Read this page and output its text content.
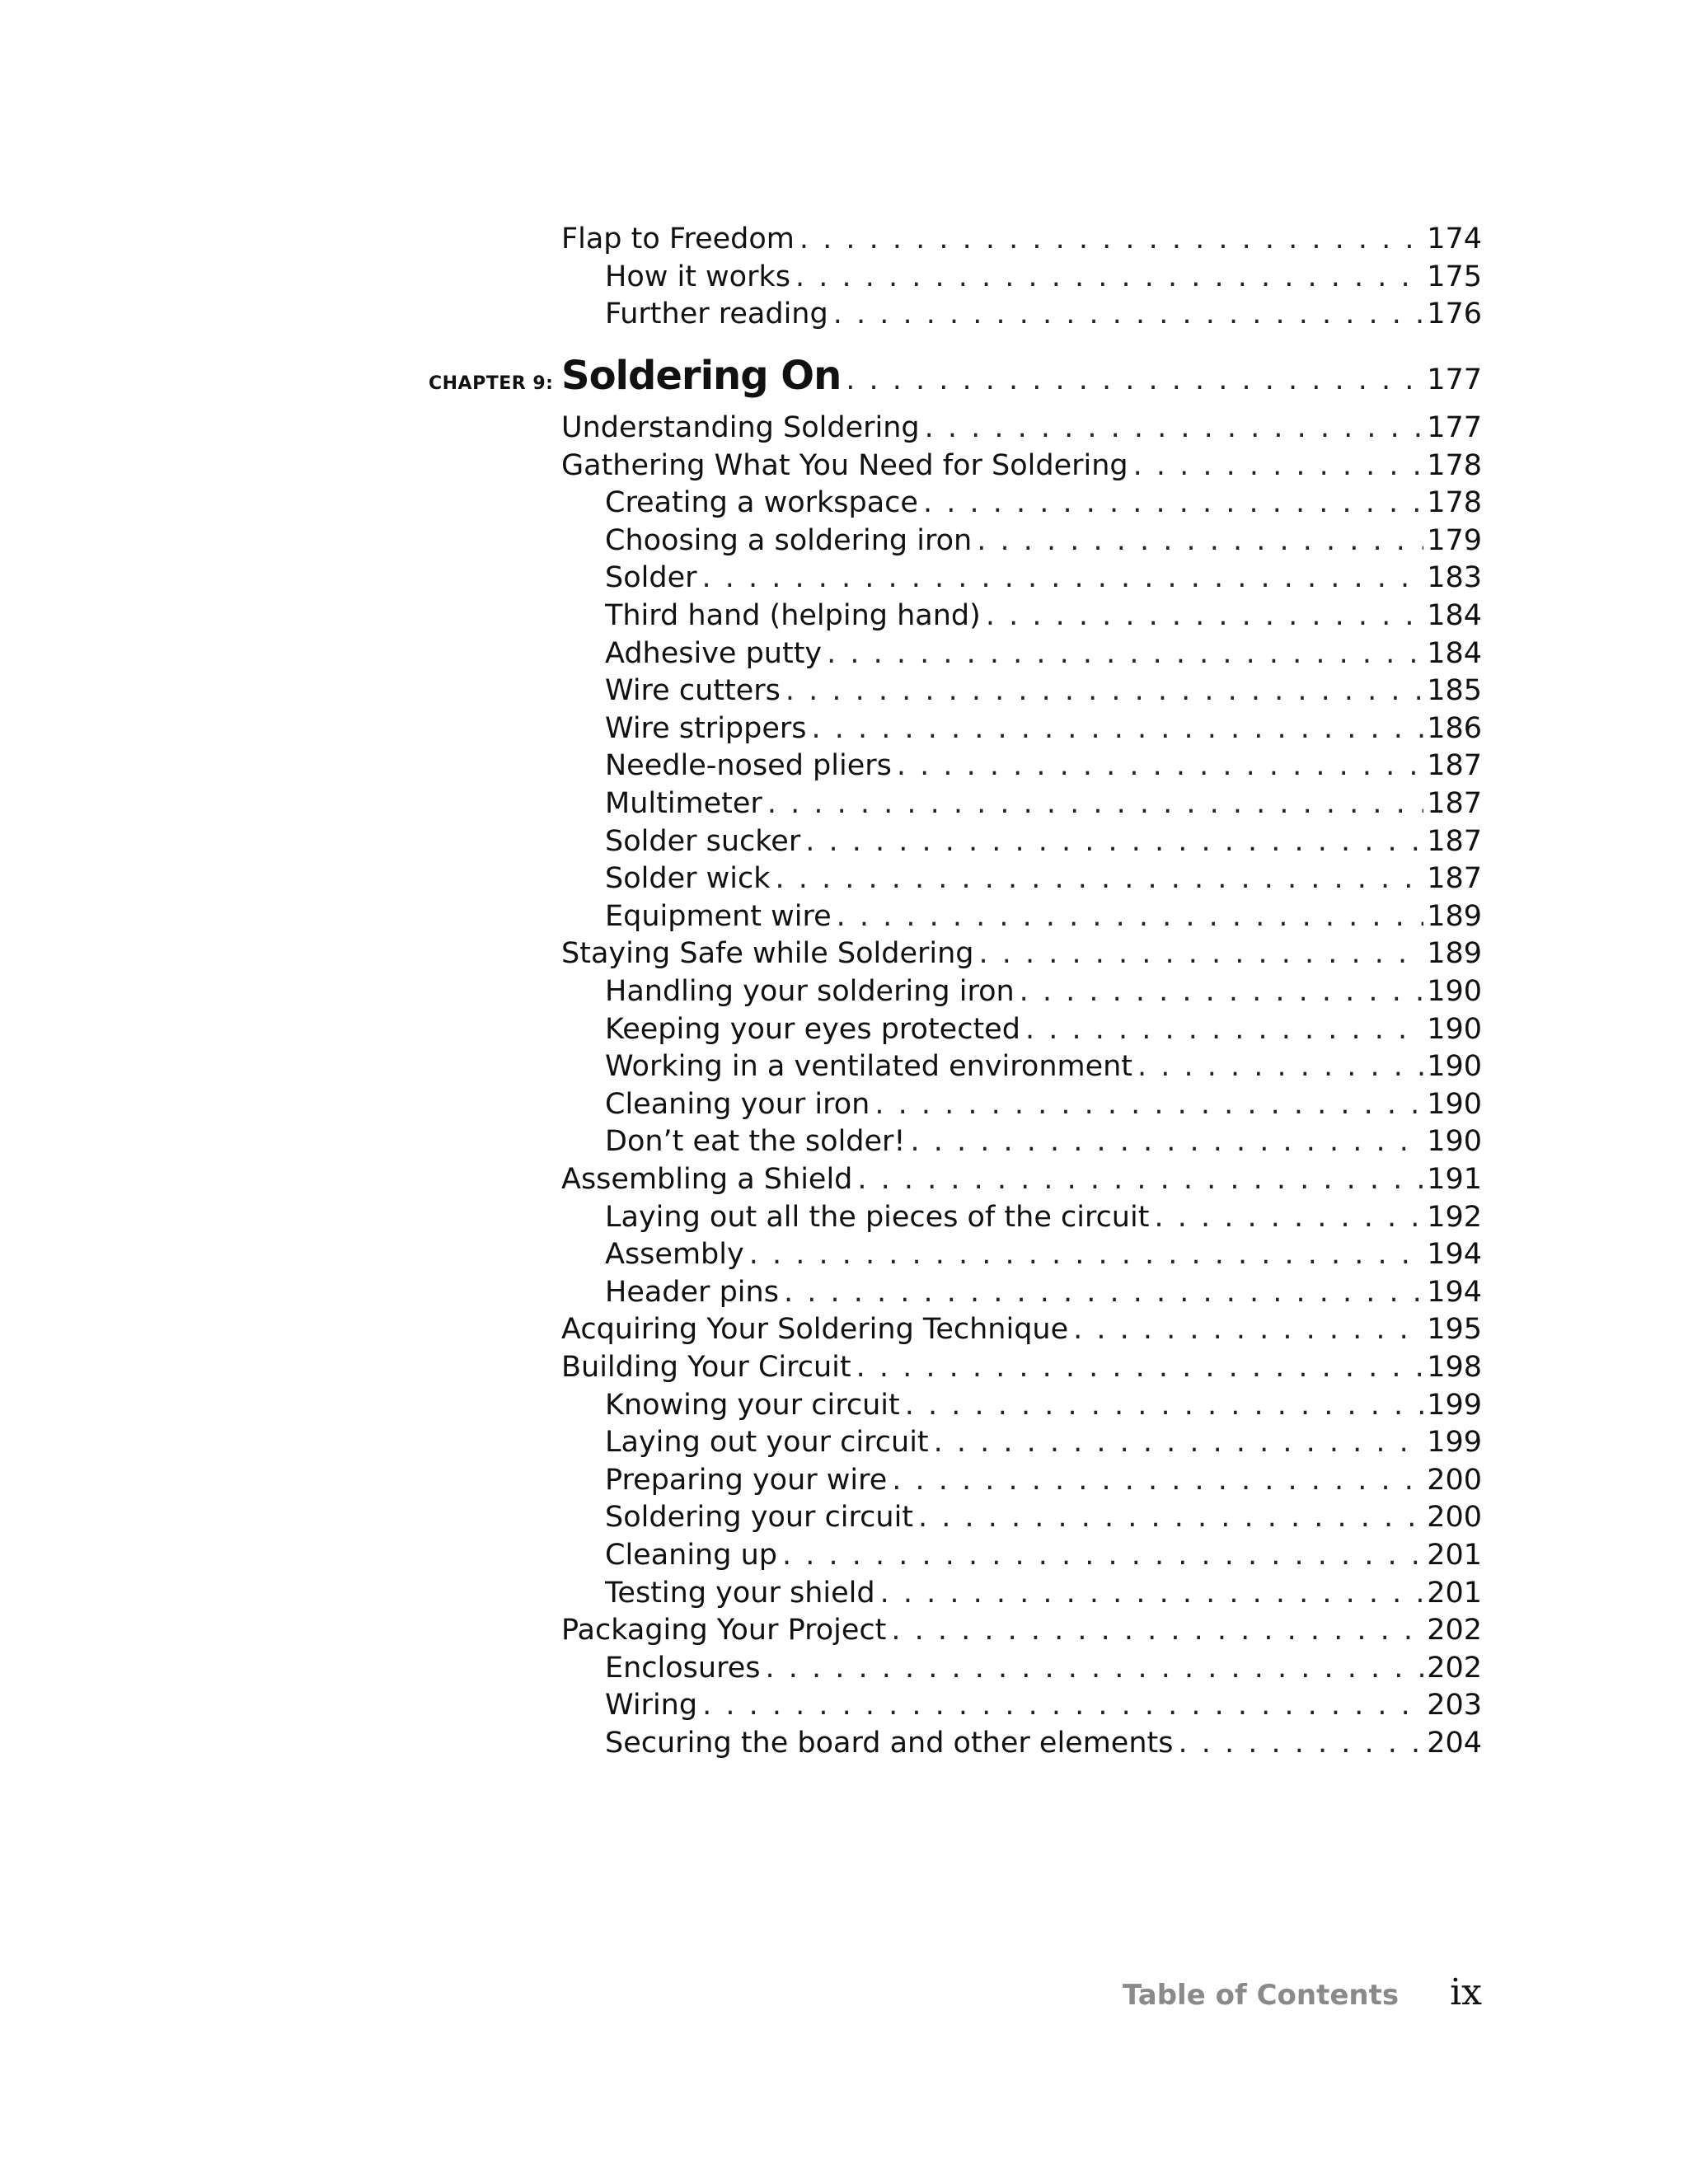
Flap to Freedom . . .	174
How it works . . .	175
Further reading . . .	176
CHAPTER 9: Soldering On . . .	177
Understanding Soldering . . .	177
Gathering What You Need for Soldering . . .	178
Creating a workspace . . .	178
Choosing a soldering iron . . .	179
Solder . . .	183
Third hand (helping hand) . . .	184
Adhesive putty . . .	184
Wire cutters . . .	185
Wire strippers . . .	186
Needle-nosed pliers . . .	187
Multimeter . . .	187
Solder sucker . . .	187
Solder wick . . .	187
Equipment wire . . .	189
Staying Safe while Soldering . . .	189
Handling your soldering iron . . .	190
Keeping your eyes protected . . .	190
Working in a ventilated environment . . .	190
Cleaning your iron . . .	190
Don’t eat the solder! . . .	190
Assembling a Shield . . .	191
Laying out all the pieces of the circuit . . .	192
Assembly . . .	194
Header pins . . .	194
Acquiring Your Soldering Technique . . .	195
Building Your Circuit . . .	198
Knowing your circuit . . .	199
Laying out your circuit . . .	199
Preparing your wire . . .	200
Soldering your circuit . . .	200
Cleaning up . . .	201
Testing your shield . . .	201
Packaging Your Project . . .	202
Enclosures . . .	202
Wiring . . .	203
Securing the board and other elements . . .	204
Table of Contents ix
